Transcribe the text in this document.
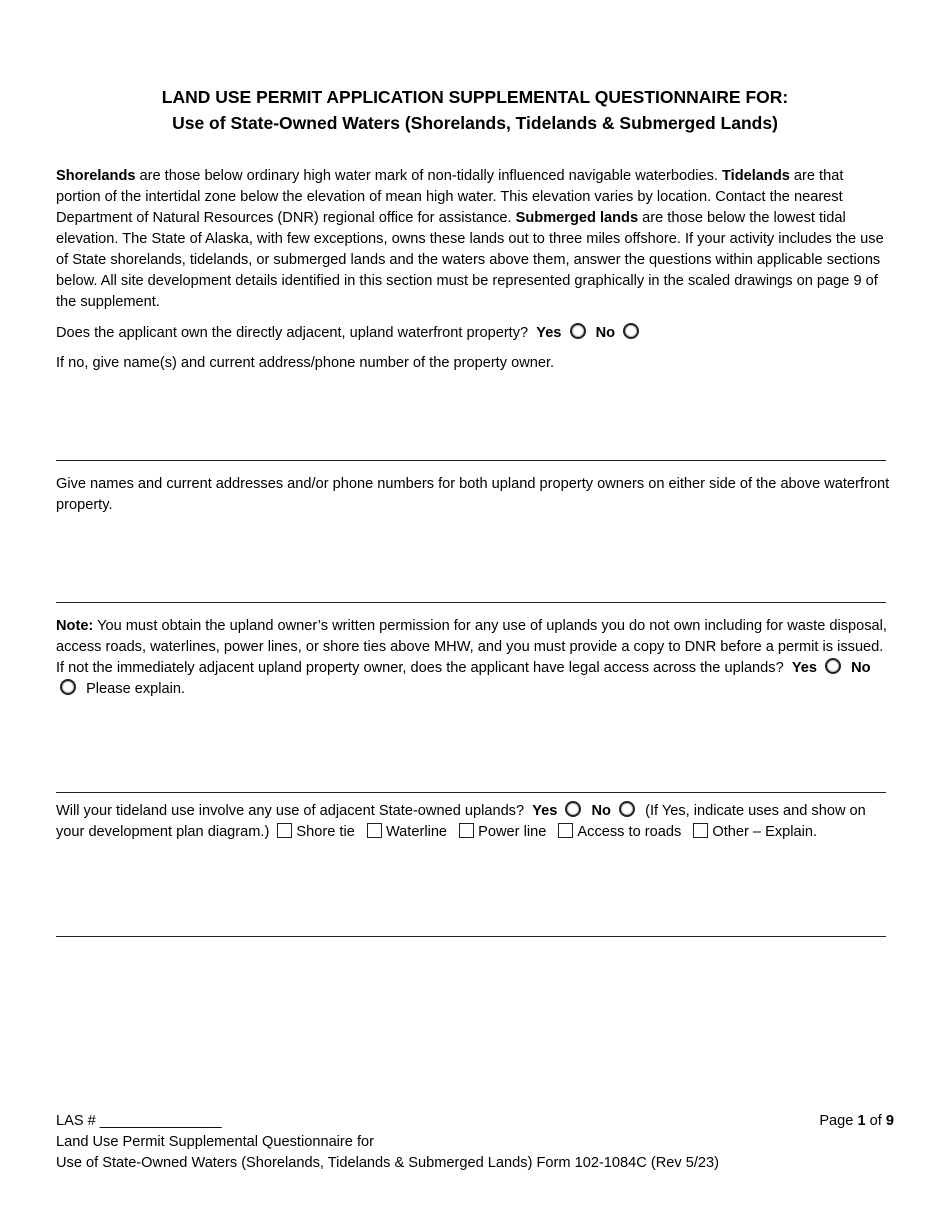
LAND USE PERMIT APPLICATION SUPPLEMENTAL QUESTIONNAIRE FOR:
Use of State-Owned Waters (Shorelands, Tidelands & Submerged Lands)
Shorelands are those below ordinary high water mark of non-tidally influenced navigable waterbodies. Tidelands are that portion of the intertidal zone below the elevation of mean high water. This elevation varies by location. Contact the nearest Department of Natural Resources (DNR) regional office for assistance. Submerged lands are those below the lowest tidal elevation. The State of Alaska, with few exceptions, owns these lands out to three miles offshore. If your activity includes the use of State shorelands, tidelands, or submerged lands and the waters above them, answer the questions within applicable sections below. All site development details identified in this section must be represented graphically in the scaled drawings on page 9 of the supplement.
Does the applicant own the directly adjacent, upland waterfront property? Yes No
If no, give name(s) and current address/phone number of the property owner.
Give names and current addresses and/or phone numbers for both upland property owners on either side of the above waterfront property.
Note: You must obtain the upland owner’s written permission for any use of uplands you do not own including for waste disposal, access roads, waterlines, power lines, or shore ties above MHW, and you must provide a copy to DNR before a permit is issued. If not the immediately adjacent upland property owner, does the applicant have legal access across the uplands? Yes No  Please explain.
Will your tideland use involve any use of adjacent State-owned uplands? Yes No (If Yes, indicate uses and show on your development plan diagram.) Shore tie Waterline Power line Access to roads Other – Explain.
LAS # _______________
Land Use Permit Supplemental Questionnaire for
Use of State-Owned Waters (Shorelands, Tidelands & Submerged Lands) Form 102-1084C (Rev 5/23)
Page 1 of 9
